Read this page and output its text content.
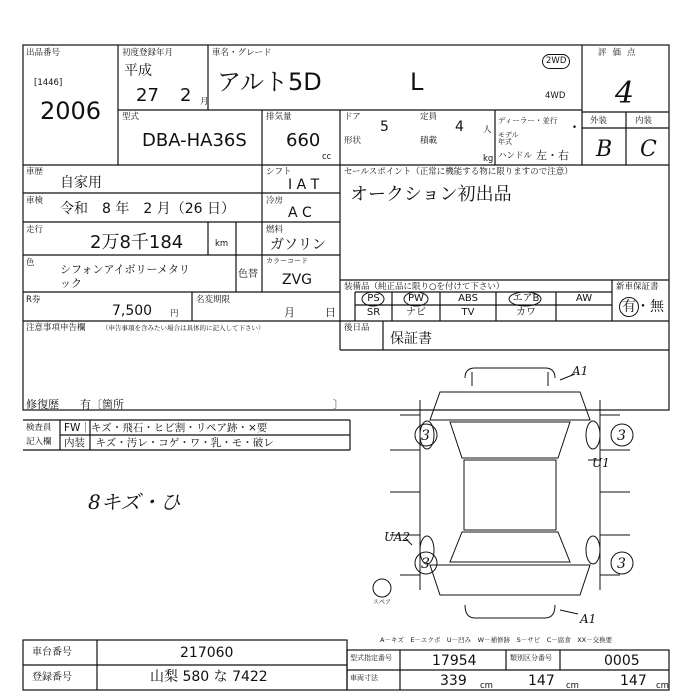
出品番号
[1446]
2006
初度登録年月
平成
27 2 月
車名・グレード
アルト5D	L
2WD
4WD
評価点
4
外装	内装
B C
型式
DBA-HA36S
排気量
660
cc
ドア
5
定員
4 人
形状	積載
kg
ディーラー・並行
•
モデル年式
ハンドル 左・右
車歴
自家用
車検 令和　8 年　2 月（26 日）
走行
2万8千184	km
色 シフォンアイボリーメタリ
ック
色替
カラーコード
ZVG
シフト
I A T
冷房
A C
燃料
ガソリン
R券
7,500 円
名変期限
月	日
注意事項申告欄	（申告事項を含みたい場合は具体的に記入して下さい）
修復歴 有〔箇所	〕
検査員
記入欄
FW｜キズ・飛石・ヒビ割・リペア跡・×要
内装｜キズ・汚レ・コゲ・ワ・乳・モ・破レ
8キズ・ひ
セールスポイント（正常に機能する物に限りますので注意）
オークション初出品
装備品（純正品に限り○を付けて下さい）
PS	PW	ABS	エアB	AW
SR	ナビ	TV	カワ
新車保証書
有・無
後日品
保証書
3	3
3	3
A1
U1
UA2
A1
スペア
A－キズ　E－エクボ　U－凹み　W－補修跡　S－サビ　C－腐食　XX－交換要
車台番号	217060
登録番号	山梨 580 な 7422
型式指定番号	17954	類別区分番号	0005
車両寸法	339 cm	147 cm	147 cm
